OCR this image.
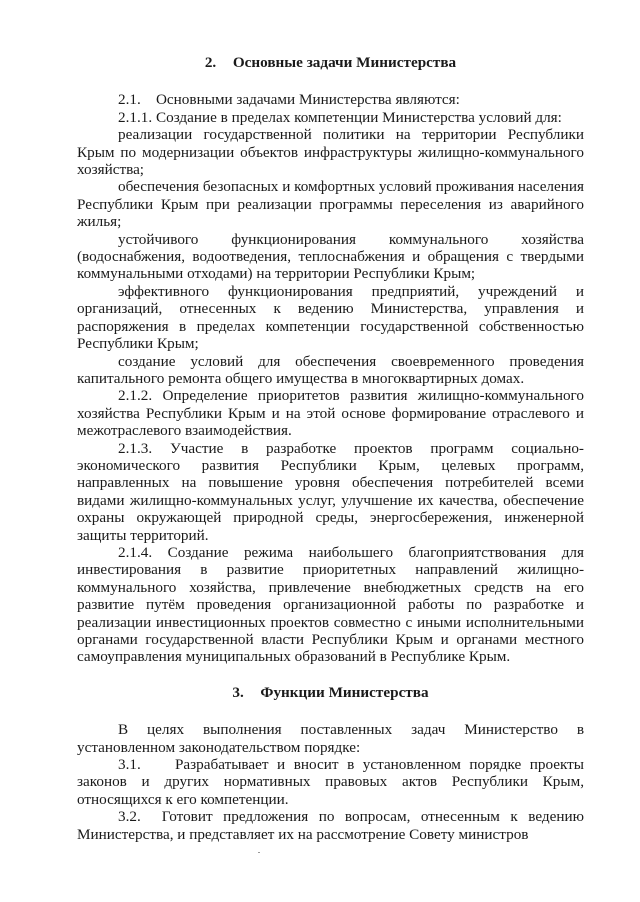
2. Основные задачи Министерства

2.1.    Основными задачами Министерства являются:

2.1.1. Создание в пределах компетенции Министерства условий для:

реализации государственной политики на территории Республики Крым по модернизации объектов инфраструктуры жилищно-коммунального хозяйства;

обеспечения безопасных и комфортных условий проживания населения Республики Крым при реализации программы переселения из аварийного жилья;

устойчивого функционирования коммунального хозяйства (водоснабжения, водоотведения, теплоснабжения и обращения с твердыми коммунальными отходами) на территории Республики Крым;

эффективного функционирования предприятий, учреждений и организаций, отнесенных к ведению Министерства, управления и распоряжения в пределах компетенции государственной собственностью Республики Крым;

создание условий для обеспечения своевременного проведения капитального ремонта общего имущества в многоквартирных домах.

2.1.2. Определение приоритетов развития жилищно-коммунального хозяйства Республики Крым и на этой основе формирование отраслевого и межотраслевого взаимодействия.

2.1.3. Участие в разработке проектов программ социально-экономического развития Республики Крым, целевых программ, направленных на повышение уровня обеспечения потребителей всеми видами жилищно-коммунальных услуг, улучшение их качества, обеспечение охраны окружающей природной среды, энергосбережения, инженерной защиты территорий.

2.1.4. Создание режима наибольшего благоприятствования для инвестирования в развитие приоритетных направлений жилищно-коммунального хозяйства, привлечение внебюджетных средств на его развитие путём проведения организационной работы по разработке и реализации инвестиционных проектов совместно с иными исполнительными органами государственной власти Республики Крым и органами местного самоуправления муниципальных образований в Республике Крым.

3. Функции Министерства

В целях выполнения поставленных задач Министерство в установленном законодательством порядке:

3.1.    Разрабатывает и вносит в установленном порядке проекты законов и других нормативных правовых актов Республики Крым, относящихся к его компетенции.

3.2.  Готовит предложения по вопросам, отнесенным к ведению Министерства, и представляет их на рассмотрение Совету министров
